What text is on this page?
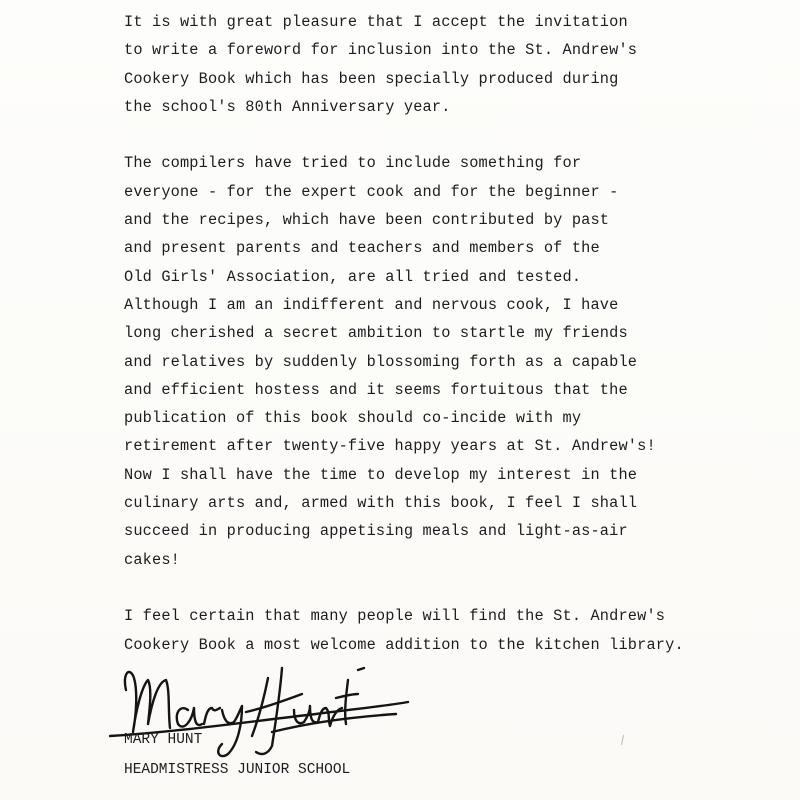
It is with great pleasure that I accept the invitation
to write a foreword for inclusion into the St. Andrew's
Cookery Book which has been specially produced during
the school's 80th Anniversary year.
The compilers have tried to include something for
everyone - for the expert cook and for the beginner -
and the recipes, which have been contributed by past
and present parents and teachers and members of the
Old Girls' Association, are all tried and tested.
Although I am an indifferent and nervous cook, I have
long cherished a secret ambition to startle my friends
and relatives by suddenly blossoming forth as a capable
and efficient hostess and it seems fortuitous that the
publication of this book should co-incide with my
retirement after twenty-five happy years at St. Andrew's!
Now I shall have the time to develop my interest in the
culinary arts and, armed with this book, I feel I shall
succeed in producing appetising meals and light-as-air
cakes!
I feel certain that many people will find the St. Andrew's
Cookery Book a most welcome addition to the kitchen library.
MARY HUNT
HEADMISTRESS JUNIOR SCHOOL
